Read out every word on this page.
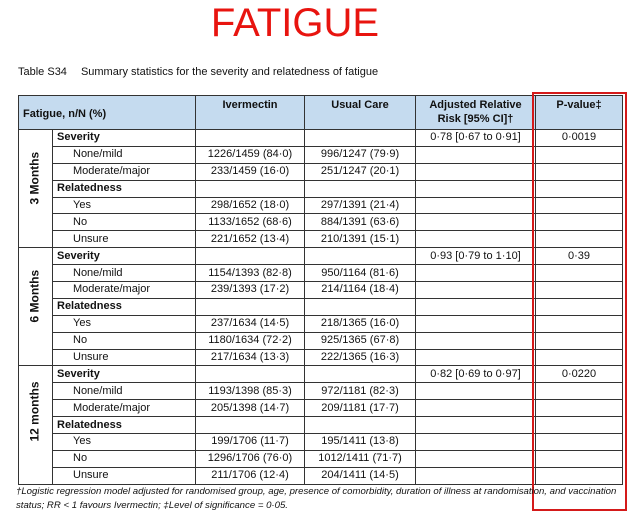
FATIGUE
Table S34 Summary statistics for the severity and relatedness of fatigue
Fatigue, n/N (%)		Ivermectin	Usual Care	Adjusted Relative Risk [95% CI]†	P-value‡

3 Months	Severity			0·78 [0·67 to 0·91]	0·0019
	None/mild	1226/1459 (84·0)	996/1247 (79·9)		
	Moderate/major	233/1459 (16·0)	251/1247 (20·1)		
	Relatedness				
	Yes	298/1652 (18·0)	297/1391 (21·4)		
	No	1133/1652 (68·6)	884/1391 (63·6)		
	Unsure	221/1652 (13·4)	210/1391 (15·1)		

6 Months	Severity			0·93 [0·79 to 1·10]	0·39
	None/mild	1154/1393 (82·8)	950/1164 (81·6)		
	Moderate/major	239/1393 (17·2)	214/1164 (18·4)		
	Relatedness				
	Yes	237/1634 (14·5)	218/1365 (16·0)		
	No	1180/1634 (72·2)	925/1365 (67·8)		
	Unsure	217/1634 (13·3)	222/1365 (16·3)		

12 months	Severity			0·82 [0·69 to 0·97]	0·0220
	None/mild	1193/1398 (85·3)	972/1181 (82·3)		
	Moderate/major	205/1398 (14·7)	209/1181 (17·7)		
	Relatedness				
	Yes	199/1706 (11·7)	195/1411 (13·8)		
	No	1296/1706 (76·0)	1012/1411 (71·7)		
	Unsure	211/1706 (12·4)	204/1411 (14·5)		
†Logistic regression model adjusted for randomised group, age, presence of comorbidity, duration of illness at randomisation, and vaccination status; RR < 1 favours Ivermectin; ‡Level of significance = 0·05.
